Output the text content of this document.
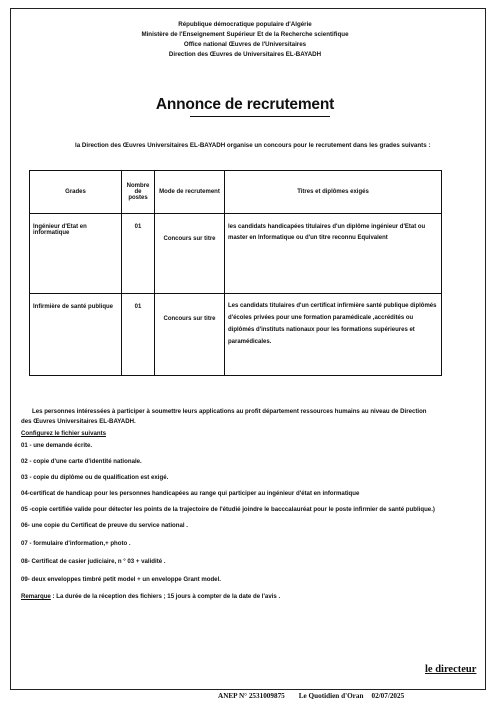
République démocratique populaire d'Algérie
Ministère de l'Enseignement Supérieur Et de la Recherche scientifique
Office national Œuvres de l'Universitaires
Direction des Œuvres de Universitaires EL-BAYADH
Annonce de recrutement
la Direction des Œuvres Universitaires EL-BAYADH organise un concours pour le recrutement dans les grades suivants :
Grades	Nombre de postes	Mode de recrutement	Titres et diplômes exigés
Ingénieur d'Etat en informatique	01	Concours sur titre	les candidats handicapées titulaires d'un diplôme ingénieur d'Etat ou master en Informatique ou d'un titre reconnu Equivalent
Infirmière de santé publique	01	Concours sur titre	Les candidats titulaires d'un certificat infirmière santé publique diplômés d'écoles privées pour une formation paramédicale ,accrédités ou diplômés d'instituts nationaux pour les formations supérieures et paramédicales.
Les personnes intéressées à participer à soumettre leurs applications au profit département ressources humains au niveau de Direction
des Œuvres Universitaires EL-BAYADH.
Configurez le fichier suivants
01 - une demande écrite.
02 - copie d'une carte d'identité nationale.
03 - copie du diplôme ou de qualification est exigé.
04-certificat de handicap pour les personnes handicapées au range qui participer au ingénieur d'état en informatique
05 -copie certifiée valide pour détecter les points de la trajectoire de l'étudié joindre le bacccalauréat pour le poste infirmier de santé publique.)
06- une copie du Certificat de preuve du service national .
07 - formulaire d'information,+ photo .
08- Certificat de casier judiciaire, n ° 03 + validité .
09- deux enveloppes timbré petit model + un enveloppe Grant model.
Remarque : La durée de la réception des fichiers ; 15 jours à compter de la date de l'avis .
le directeur
ANEP N° 2531009875 Le Quotidien d'Oran 02/07/2025
